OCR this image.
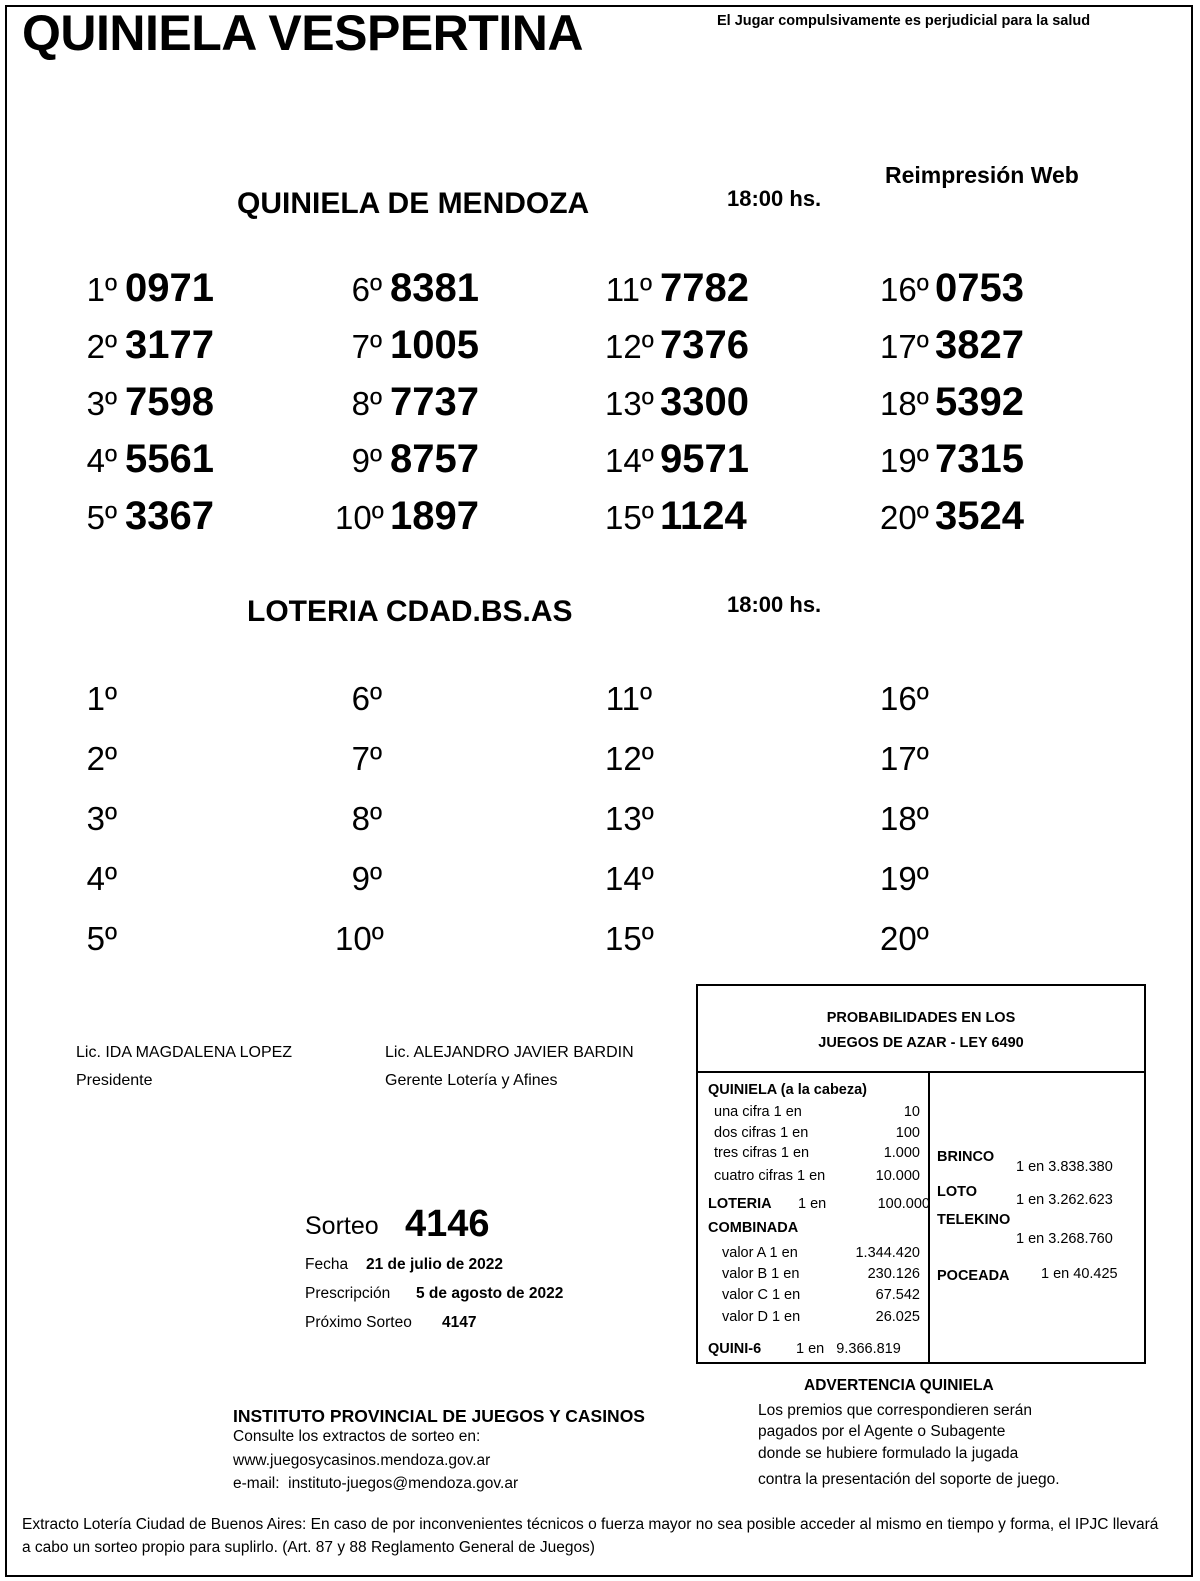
QUINIELA VESPERTINA	El Jugar compulsivamente es perjudicial para la salud
Reimpresión Web
QUINIELA DE MENDOZA	18:00 hs.
1º 0971
2º 3177
3º 7598
4º 5561
5º 3367
6º 8381
7º 1005
8º 7737
9º 8757
10º 1897
11º 7782
12º 7376
13º 3300
14º 9571
15º 1124
16º 0753
17º 3827
18º 5392
19º 7315
20º 3524
LOTERIA CDAD.BS.AS	18:00 hs.
1º
2º
3º
4º
5º
6º
7º
8º
9º
10º
11º
12º
13º
14º
15º
16º
17º
18º
19º
20º
Lic. IDA MAGDALENA LOPEZ
Presidente
Lic. ALEJANDRO JAVIER BARDIN
Gerente Lotería y Afines
Sorteo 4146
Fecha 21 de julio de 2022
Prescripción 5 de agosto de 2022
Próximo Sorteo 4147
PROBABILIDADES EN LOS
JUEGOS DE AZAR - LEY 6490
QUINIELA (a la cabeza)
una cifra 1 en	10
dos cifras 1 en	100
tres cifras 1 en	1.000
cuatro cifras 1 en	10.000
LOTERIA 1 en	100.000
COMBINADA
valor A 1 en	1.344.420
valor B 1 en	230.126
valor C 1 en	67.542
valor D 1 en	26.025
QUINI-6 1 en   9.366.819
BRINCO
1 en 3.838.380
LOTO	1 en 3.262.623
TELEKINO
1 en 3.268.760
POCEADA 1 en 40.425
ADVERTENCIA QUINIELA
Los premios que correspondieren serán
pagados por el Agente o Subagente
donde se hubiere formulado la jugada
contra la presentación del soporte de juego.
INSTITUTO PROVINCIAL DE JUEGOS Y CASINOS
Consulte los extractos de sorteo en:
www.juegosycasinos.mendoza.gov.ar
e-mail:  instituto-juegos@mendoza.gov.ar
Extracto Lotería Ciudad de Buenos Aires: En caso de por inconvenientes técnicos o fuerza mayor no sea posible acceder al mismo en tiempo y forma, el IPJC llevará a cabo un sorteo propio para suplirlo. (Art. 87 y 88 Reglamento General de Juegos)
